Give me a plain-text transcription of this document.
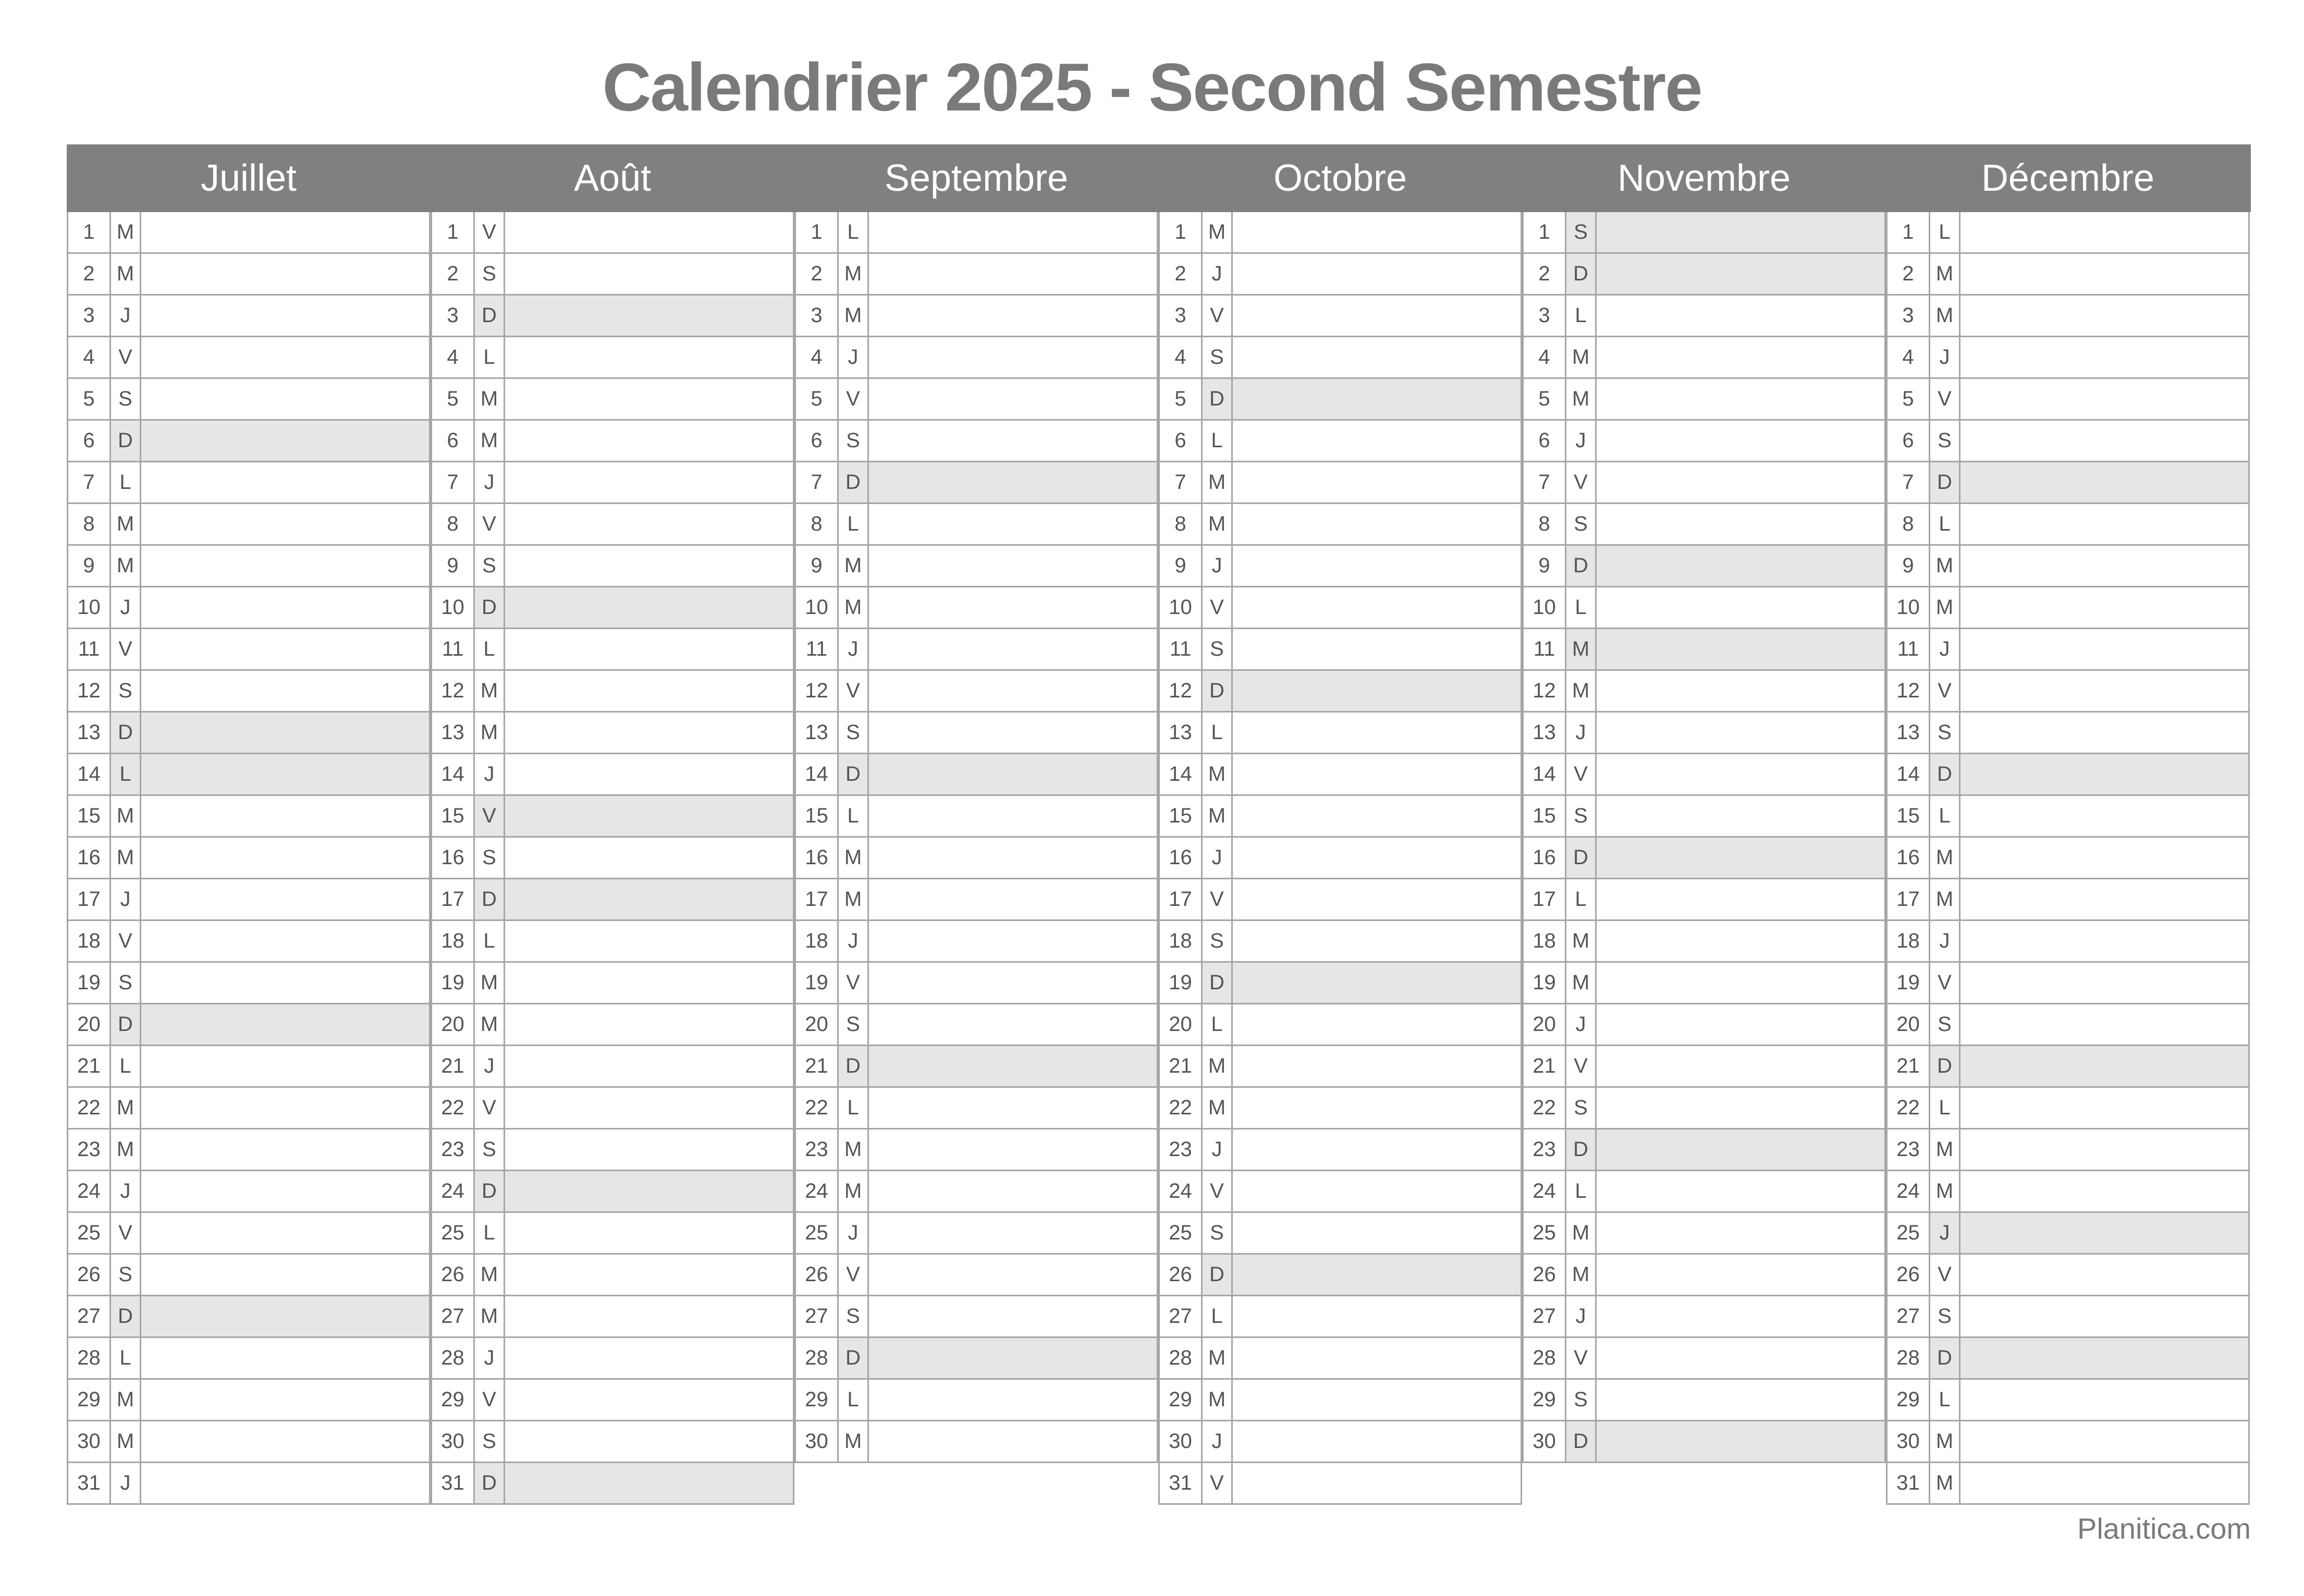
Calendrier 2025 - Second Semestre
Juillet
1	M
2	M
3	J
4	V
5	S
6	D
7	L
8	M
9	M
10 J
11 V
12 S
13 D
14 L
15 M
16 M
17 J
18 V
19 S
20 D
21 L
22 M
23 M
24 J
25 V
26 S
27 D
28 L
29 M
30 M
31 J
Août
1	V
2	S
3	D
4	L
5	M
6	M
7	J
8	V
9	S
10 D
11 L
12 M
13 M
14 J
15 V
16 S
17 D
18 L
19 M
20 M
21 J
22 V
23 S
24 D
25 L
26 M
27 M
28 J
29 V
30 S
31 D
Septembre
1	L
2	M
3	M
4	J
5	V
6	S
7	D
8	L
9	M
10 M
11 J
12 V
13 S
14 D
15 L
16 M
17 M
18 J
19 V
20 S
21 D
22 L
23 M
24 M
25 J
26 V
27 S
28 D
29 L
30 M
Octobre
1	M
2	J
3	V
4	S
5	D
6	L
7	M
8	M
9	J
10 V
11 S
12 D
13 L
14 M
15 M
16 J
17 V
18 S
19 D
20 L
21 M
22 M
23 J
24 V
25 S
26 D
27 L
28 M
29 M
30 J
31 V
Novembre
1	S
2	D
3	L
4	M
5	M
6	J
7	V
8	S
9	D
10 L
11 M
12 M
13 J
14 V
15 S
16 D
17 L
18 M
19 M
20 J
21 V
22 S
23 D
24 L
25 M
26 M
27 J
28 V
29 S
30 D
Décembre
1	L
2	M
3	M
4	J
5	V
6	S
7	D
8	L
9	M
10 M
11 J
12 V
13 S
14 D
15 L
16 M
17 M
18 J
19 V
20 S
21 D
22 L
23 M
24 M
25 J
26 V
27 S
28 D
29 L
30 M
31 M
Planitica.com
